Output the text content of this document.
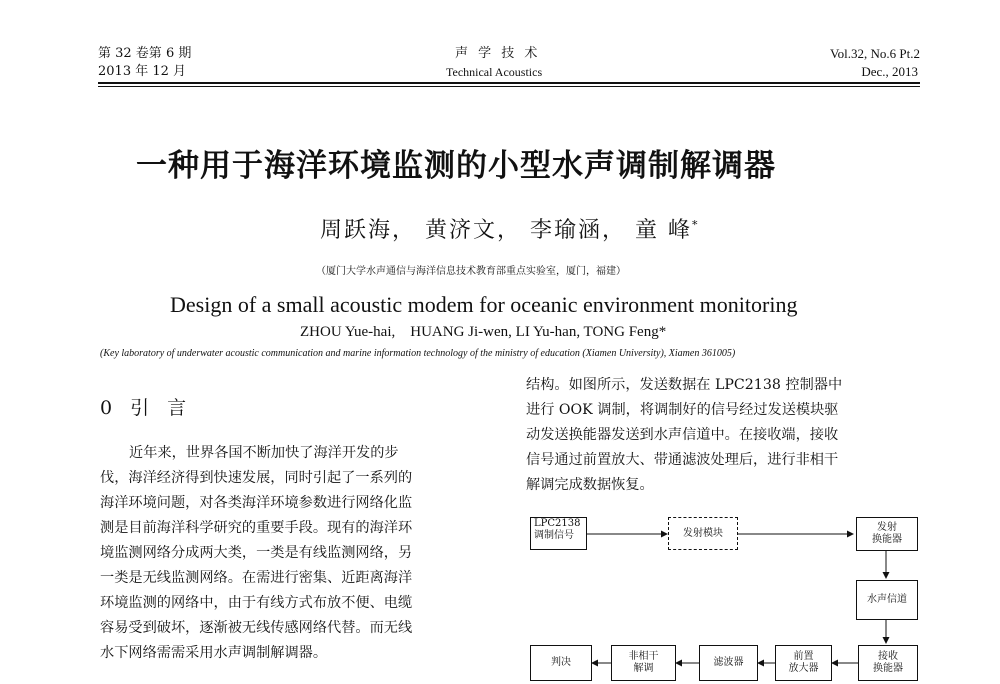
第 32 卷第 6 期
2013 年 12 月
声 学 技 术
Technical Acoustics
Vol.32, No.6 Pt.2
Dec., 2013
一种用于海洋环境监测的小型水声调制解调器
周跃海， 黄济文， 李瑜涵， 童 峰*
（厦门大学水声通信与海洋信息技术教育部重点实验室，厦门，福建）
Design of a small acoustic modem for oceanic environment monitoring
ZHOU Yue-hai,    HUANG Ji-wen, LI Yu-han, TONG Feng*
(Key laboratory of underwater acoustic communication and marine information technology of the ministry of education (Xiamen University), Xiamen 361005)
0 引 言
近年来，世界各国不断加快了海洋开发的步
伐，海洋经济得到快速发展，同时引起了一系列的
海洋环境问题，对各类海洋环境参数进行网络化监
测是目前海洋科学研究的重要手段。现有的海洋环
境监测网络分成两大类，一类是有线监测网络，另
一类是无线监测网络。在需进行密集、近距离海洋
环境监测的网络中，由于有线方式布放不便、电缆
容易受到破坏，逐渐被无线传感网络代替。而无线
水下网络需需采用水声调制解调器。
结构。如图所示，发送数据在 LPC2138 控制器中
进行 OOK 调制，将调制好的信号经过发送模块驱
动发送换能器发送到水声信道中。在接收端，接收
信号通过前置放大、带通滤波处理后，进行非相干
解调完成数据恢复。
LPC2138
调制信号	发射模块	发射
换能器
水声信道
接收
换能器
前置
放大器
滤波器
非相干
解调
判决
